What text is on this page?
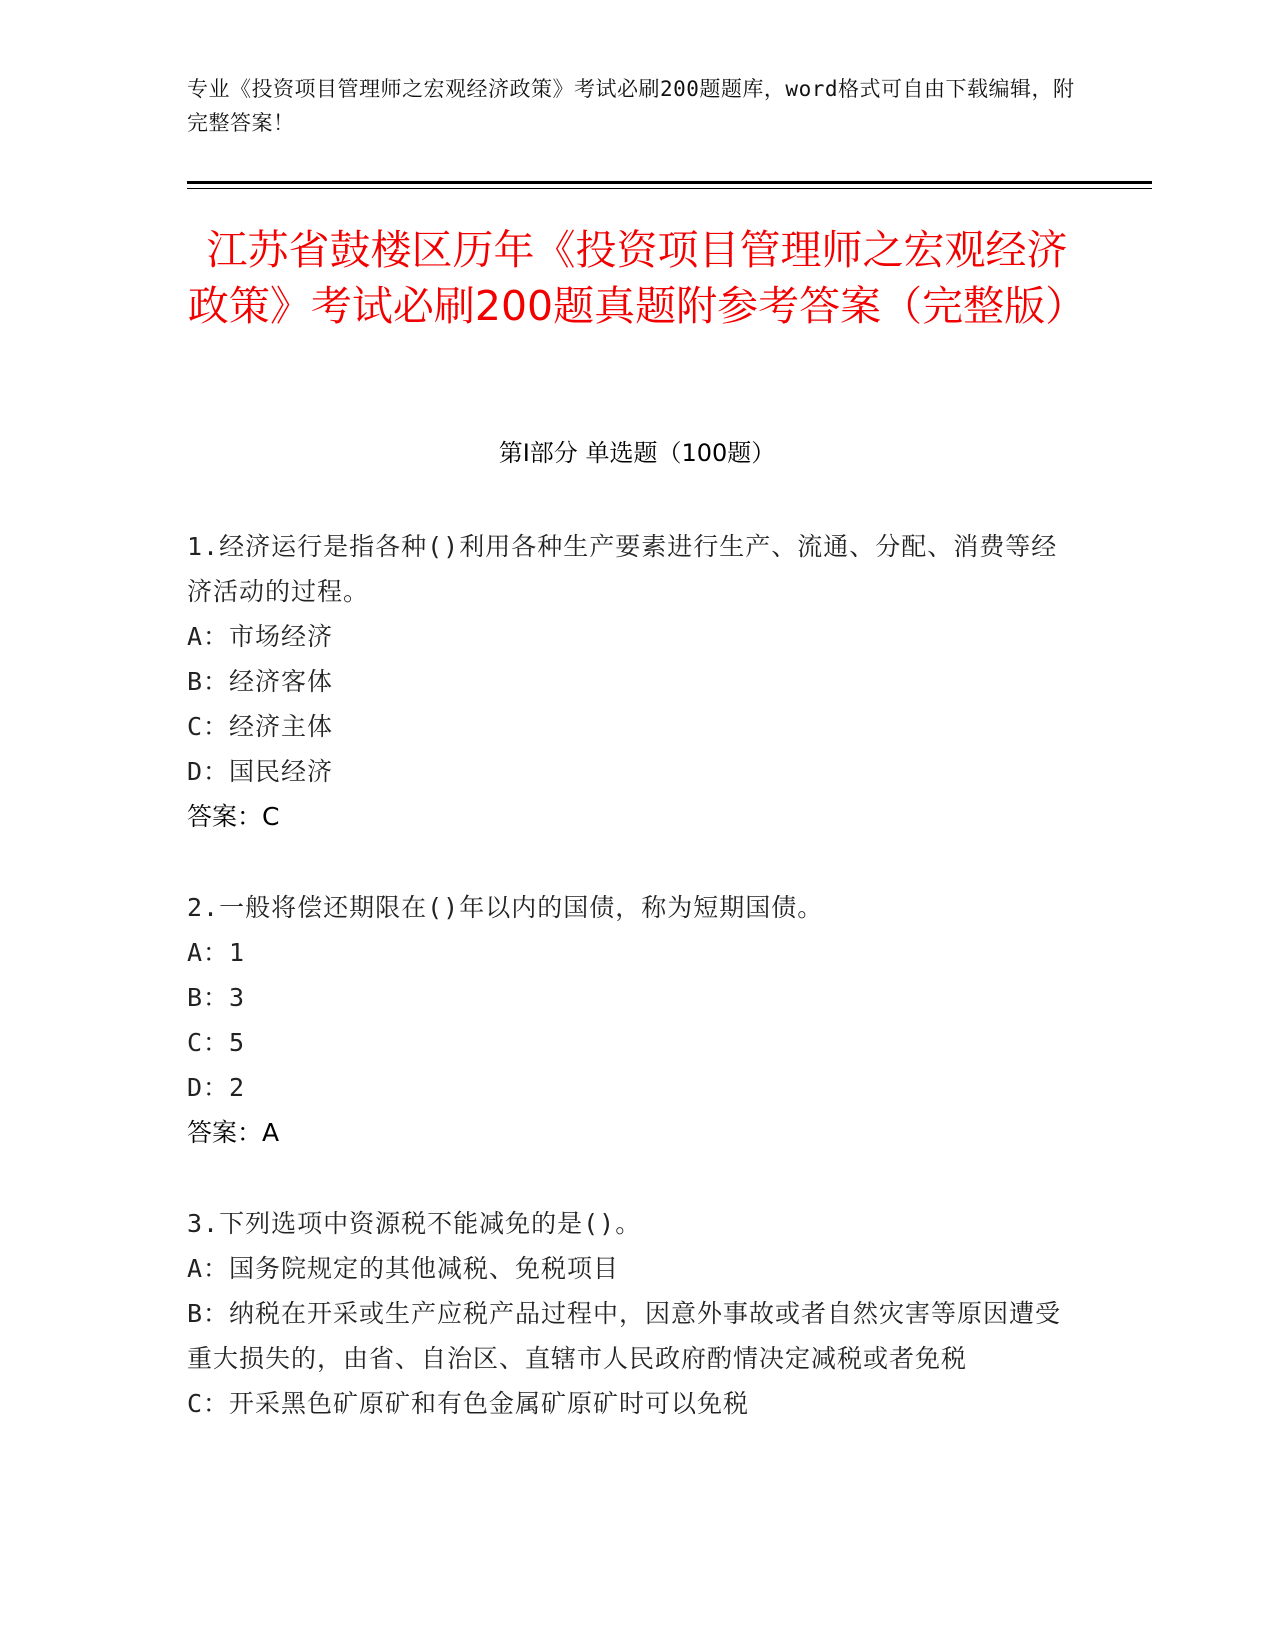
专业《投资项目管理师之宏观经济政策》考试必刷200题题库，word格式可自由下载编辑，附完整答案！
江苏省鼓楼区历年《投资项目管理师之宏观经济政策》考试必刷200题真题附参考答案（完整版）
第Ⅰ部分 单选题（100题）
1.经济运行是指各种()利用各种生产要素进行生产、流通、分配、消费等经济活动的过程。
A：市场经济
B：经济客体
C：经济主体
D：国民经济
答案：C
2.一般将偿还期限在()年以内的国债，称为短期国债。
A：1
B：3
C：5
D：2
答案：A
3.下列选项中资源税不能减免的是()。
A：国务院规定的其他减税、免税项目
B：纳税在开采或生产应税产品过程中，因意外事故或者自然灾害等原因遭受重大损失的，由省、自治区、直辖市人民政府酌情决定减税或者免税
C：开采黑色矿原矿和有色金属矿原矿时可以免税
